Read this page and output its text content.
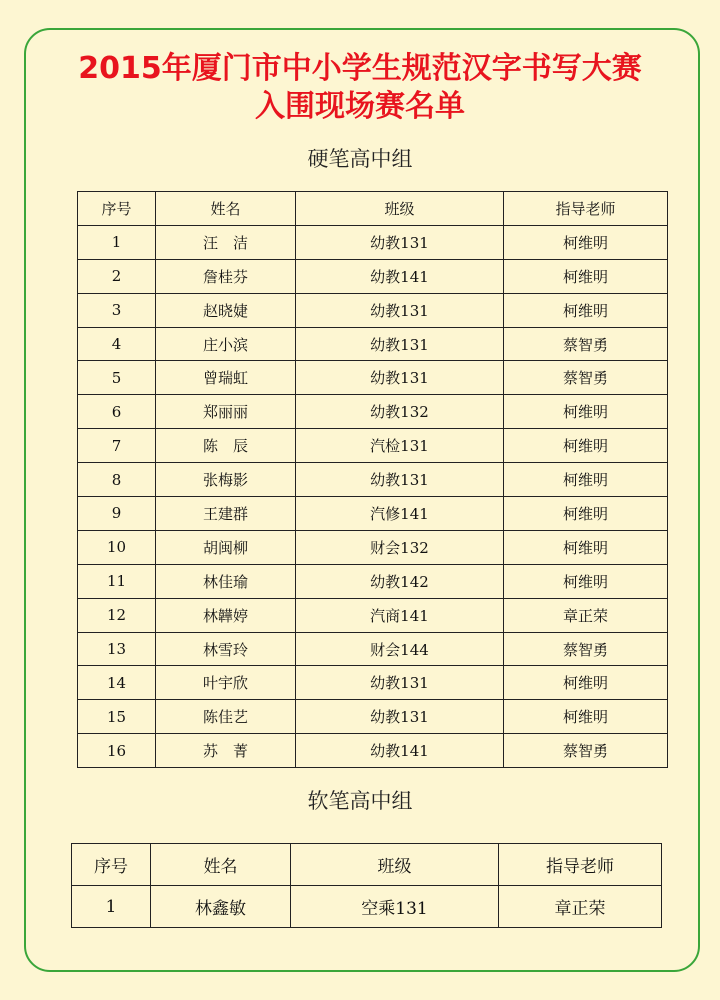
2015年厦门市中小学生规范汉字书写大赛
入围现场赛名单
硬笔高中组
序号	姓名	班级	指导老师
1	汪　洁	幼教131	柯维明
2	詹桂芬	幼教141	柯维明
3	赵晓婕	幼教131	柯维明
4	庄小滨	幼教131	蔡智勇
5	曾瑞虹	幼教131	蔡智勇
6	郑丽丽	幼教132	柯维明
7	陈　辰	汽检131	柯维明
8	张梅影	幼教131	柯维明
9	王建群	汽修141	柯维明
10	胡闽柳	财会132	柯维明
11	林佳瑜	幼教142	柯维明
12	林韡婷	汽商141	章正荣
13	林雪玲	财会144	蔡智勇
14	叶宇欣	幼教131	柯维明
15	陈佳艺	幼教131	柯维明
16	苏　菁	幼教141	蔡智勇
软笔高中组
序号	姓名	班级	指导老师
1	林鑫敏	空乘131	章正荣
